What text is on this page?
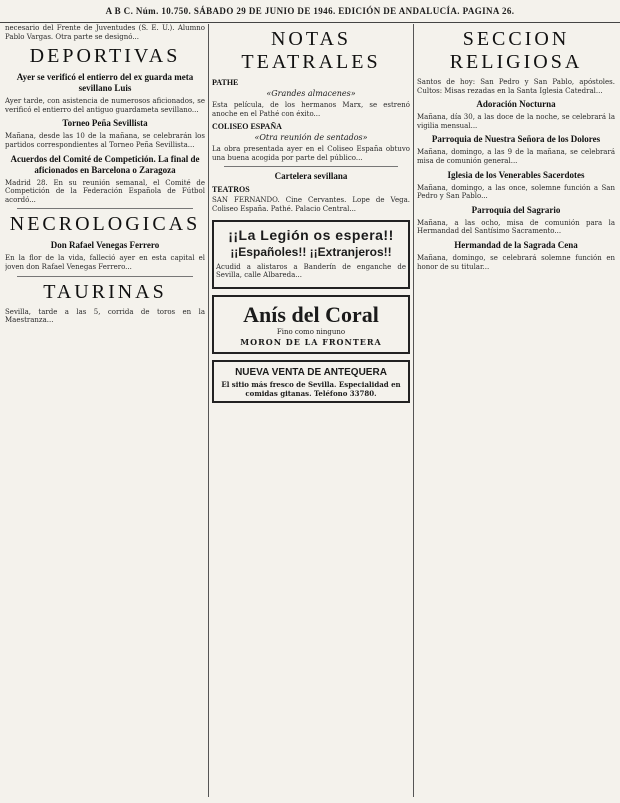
A B C. Núm. 10.750. SÁBADO 29 DE JUNIO DE 1946. EDICIÓN DE ANDALUCÍA. PAGINA 26.

necesario del Frente de Juventudes (S. E. U.). Alumno Pablo Vargas. Otra parte se designó...

DEPORTIVAS
Ayer se verificó el entierro del ex guarda meta sevillano Luis

Ayer tarde, con asistencia de numerosos aficionados, se verificó el entierro del antiguo guardameta sevillano...

Torneo Peña Sevillista

Mañana, desde las 10 de la mañana, se celebrarán los partidos correspondientes al Torneo Peña Sevillista...

Acuerdos del Comité de Competición. La final de aficionados en Barcelona o Zaragoza

Madrid 28. En su reunión semanal, el Comité de Competición de la Federación Española de Fútbol acordó...

NECROLOGICAS
Don Rafael Venegas Ferrero

En la flor de la vida, falleció ayer en esta capital el joven don Rafael Venegas Ferrero...

TAURINAS

Sevilla, tarde a las 5, corrida de toros en la Maestranza...

NOTAS TEATRALES
PATHE
«Grandes almacenes»

Esta película, de los hermanos Marx, se estrenó anoche en el Pathé con éxito...

COLISEO ESPAÑA
«Otra reunión de sentados»

La obra presentada ayer en el Coliseo España obtuvo una buena acogida por parte del público...

Cartelera sevillana
TEATROS

SAN FERNANDO. Cine Cervantes. Lope de Vega. Coliseo España. Pathé. Palacio Central...

¡¡La Legión os espera!!
¡¡Españoles!! ¡¡Extranjeros!!

Acudid a alistaros a Banderín de enganche de Sevilla, calle Albareda...

Anís del Coral
Fino como ninguno
MORON DE LA FRONTERA
NUEVA VENTA DE ANTEQUERA
El sitio más fresco de Sevilla. Especialidad en comidas gitanas. Teléfono 33780.
SECCION RELIGIOSA

Santos de hoy: San Pedro y San Pablo, apóstoles. Cultos: Misas rezadas en la Santa Iglesia Catedral...

Adoración Nocturna

Mañana, día 30, a las doce de la noche, se celebrará la vigilia mensual...

Parroquia de Nuestra Señora de los Dolores

Mañana, domingo, a las 9 de la mañana, se celebrará misa de comunión general...

Iglesia de los Venerables Sacerdotes

Mañana, domingo, a las once, solemne función a San Pedro y San Pablo...

Parroquia del Sagrario

Mañana, a las ocho, misa de comunión para la Hermandad del Santísimo Sacramento...

Hermandad de la Sagrada Cena

Mañana, domingo, se celebrará solemne función en honor de su titular...
